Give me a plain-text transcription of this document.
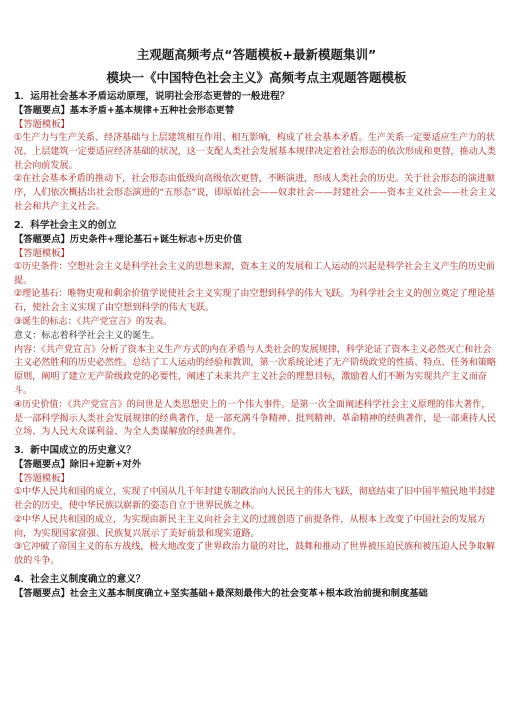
主观题高频考点“答题模板+最新模题集训”
模块一《中国特色社会主义》高频考点主观题答题模板
1．运用社会基本矛盾运动原理，说明社会形态更替的一般进程？
【答题要点】基本矛盾+基本规律+五种社会形态更替
【答题模板】
①生产力与生产关系、经济基础与上层建筑相互作用、相互影响，构成了社会基本矛盾。生产关系一定要适应生产力的状况、上层建筑一定要适应经济基础的状况，这一支配人类社会发展基本规律决定着社会形态的依次形成和更替，推动人类社会向前发展。
②在社会基本矛盾的推动下，社会形态由低级向高级依次更替，不断演进，形成人类社会的历史。关于社会形态的演进顺序，人们依次概括出社会形态演进的“五形态”说，即原始社会——奴隶社会——封建社会——资本主义社会——社会主义社会和共产主义社会。
2．科学社会主义的创立
【答题要点】历史条件+理论基石+诞生标志+历史价值
【答题模板】
①历史条件：空想社会主义是科学社会主义的思想来源，资本主义的发展和工人运动的兴起是科学社会主义产生的历史前提。
②理论基石：唯物史观和剩余价值学说使社会主义实现了由空想到科学的伟大飞跃。为科学社会主义的创立奠定了理论基石，使社会主义实现了由空想到科学的伟大飞跃。
③诞生的标志：《共产党宣言》的发表。
意义：标志着科学社会主义的诞生。
内容：《共产党宣言》分析了资本主义生产方式的内在矛盾与人类社会的发展规律，科学论证了资本主义必然灭亡和社会主义必然胜利的历史必然性。总结了工人运动的经验和教训，第一次系统论述了无产阶级政党的性质、特点、任务和策略原则，阐明了建立无产阶级政党的必要性，阐述了未来共产主义社会的理想目标，激励着人们不断为实现共产主义而奋斗。
④历史价值：《共产党宣言》的问世是人类思想史上的一个伟大事件。是第一次全面阐述科学社会主义原理的伟大著作，是一部科学揭示人类社会发展规律的经典著作，是一部充满斗争精神、批判精神、革命精神的经典著作，是一部秉持人民立场、为人民大众谋利益、为全人类谋解放的经典著作。
3．新中国成立的历史意义？
【答题要点】除旧+迎新+对外
【答题模板】
①中华人民共和国的成立，实现了中国从几千年封建专制政治向人民民主的伟大飞跃，彻底结束了旧中国半殖民地半封建社会的历史，使中华民族以崭新的姿态自立于世界民族之林。
②中华人民共和国的成立，为实现由新民主主义向社会主义的过渡创造了前提条件，从根本上改变了中国社会的发展方向，为实现国家富强、民族复兴展示了美好前景和现实道路。
③它冲破了帝国主义的东方战线，极大地改变了世界政治力量的对比，鼓舞和推动了世界被压迫民族和被压迫人民争取解放的斗争。
4．社会主义制度确立的意义？
【答题要点】社会主义基本制度确立+坚实基础+最深刻最伟大的社会变革+根本政治前提和制度基础
